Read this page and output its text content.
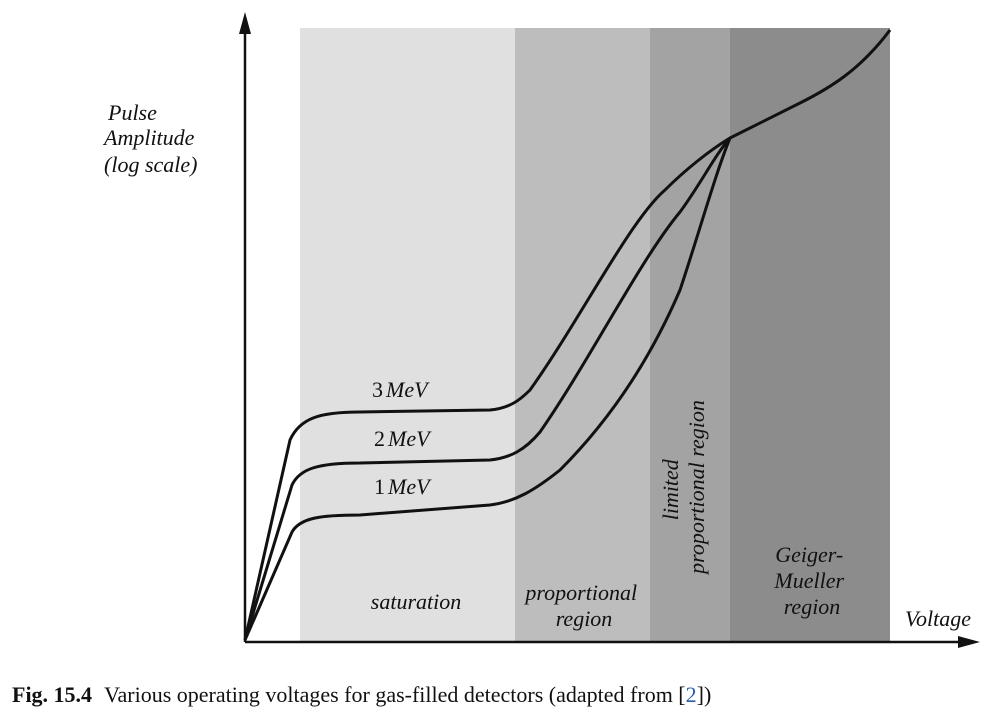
Pulse Amplitude (log scale)
Voltage
3 MeV
2 MeV
1 MeV
saturation	proportional region
limited proportional region	Geiger- Mueller region
Fig. 15.4 Various operating voltages for gas-filled detectors (adapted from [2])
